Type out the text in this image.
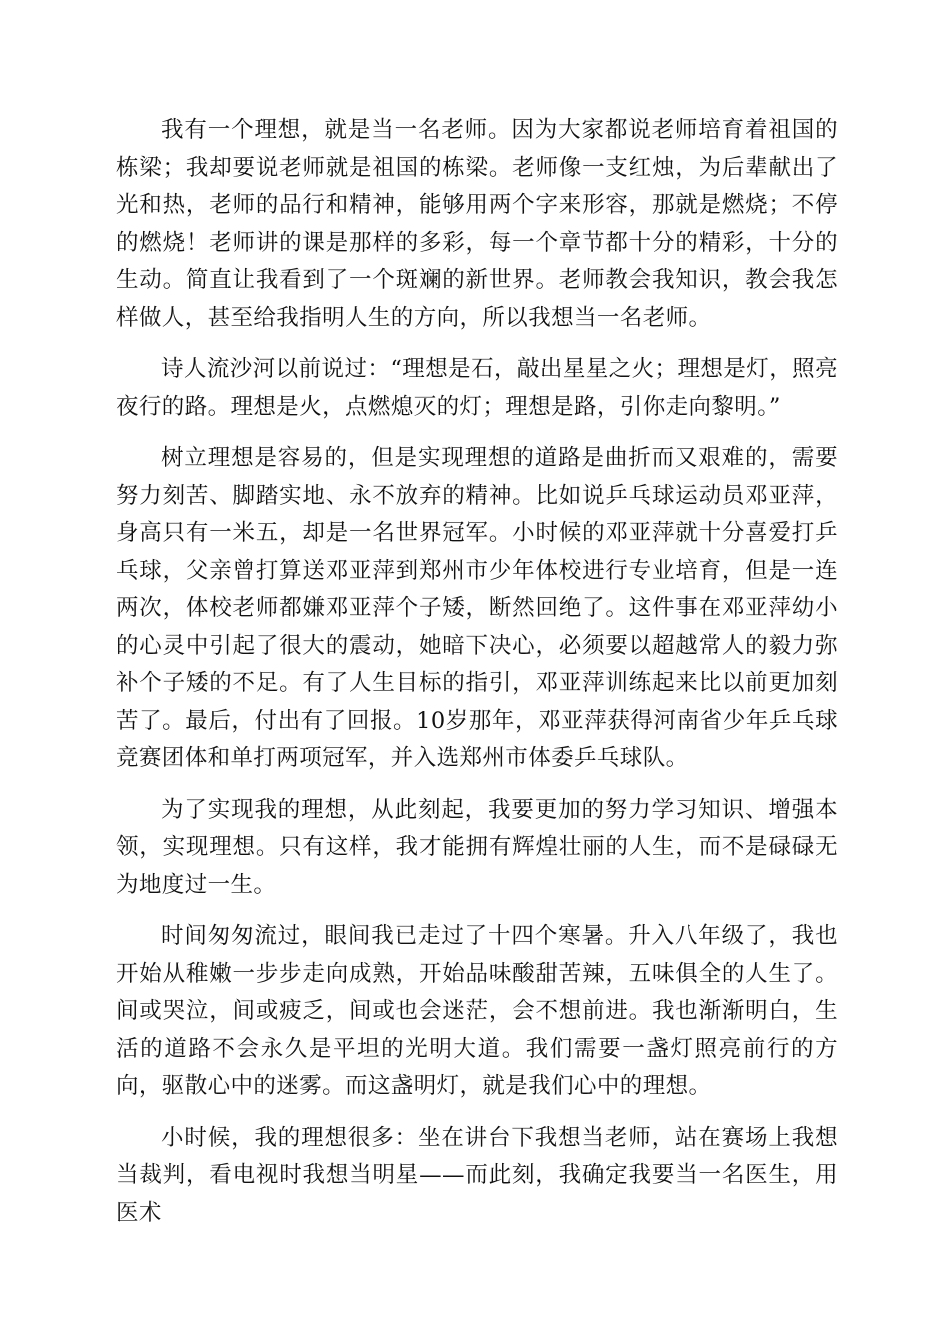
我有一个理想，就是当一名老师。因为大家都说老师培育着祖国的栋梁；我却要说老师就是祖国的栋梁。老师像一支红烛，为后辈献出了光和热，老师的品行和精神，能够用两个字来形容，那就是燃烧；不停的燃烧！老师讲的课是那样的多彩，每一个章节都十分的精彩，十分的生动。简直让我看到了一个斑斓的新世界。老师教会我知识，教会我怎样做人，甚至给我指明人生的方向，所以我想当一名老师。

诗人流沙河以前说过：“理想是石，敲出星星之火；理想是灯，照亮夜行的路。理想是火，点燃熄灭的灯；理想是路，引你走向黎明。”

树立理想是容易的，但是实现理想的道路是曲折而又艰难的，需要努力刻苦、脚踏实地、永不放弃的精神。比如说乒乓球运动员邓亚萍，身高只有一米五，却是一名世界冠军。小时候的邓亚萍就十分喜爱打乒乓球，父亲曾打算送邓亚萍到郑州市少年体校进行专业培育，但是一连两次，体校老师都嫌邓亚萍个子矮，断然回绝了。这件事在邓亚萍幼小的心灵中引起了很大的震动，她暗下决心，必须要以超越常人的毅力弥补个子矮的不足。有了人生目标的指引，邓亚萍训练起来比以前更加刻苦了。最后，付出有了回报。10岁那年，邓亚萍获得河南省少年乒乓球竞赛团体和单打两项冠军，并入选郑州市体委乒乓球队。

为了实现我的理想，从此刻起，我要更加的努力学习知识、增强本领，实现理想。只有这样，我才能拥有辉煌壮丽的人生，而不是碌碌无为地度过一生。

时间匆匆流过，眼间我已走过了十四个寒暑。升入八年级了，我也开始从稚嫩一步步走向成熟，开始品味酸甜苦辣，五味俱全的人生了。间或哭泣，间或疲乏，间或也会迷茫，会不想前进。我也渐渐明白，生活的道路不会永久是平坦的光明大道。我们需要一盏灯照亮前行的方向，驱散心中的迷雾。而这盏明灯，就是我们心中的理想。

小时候，我的理想很多：坐在讲台下我想当老师，站在赛场上我想当裁判，看电视时我想当明星——而此刻，我确定我要当一名医生，用医术
